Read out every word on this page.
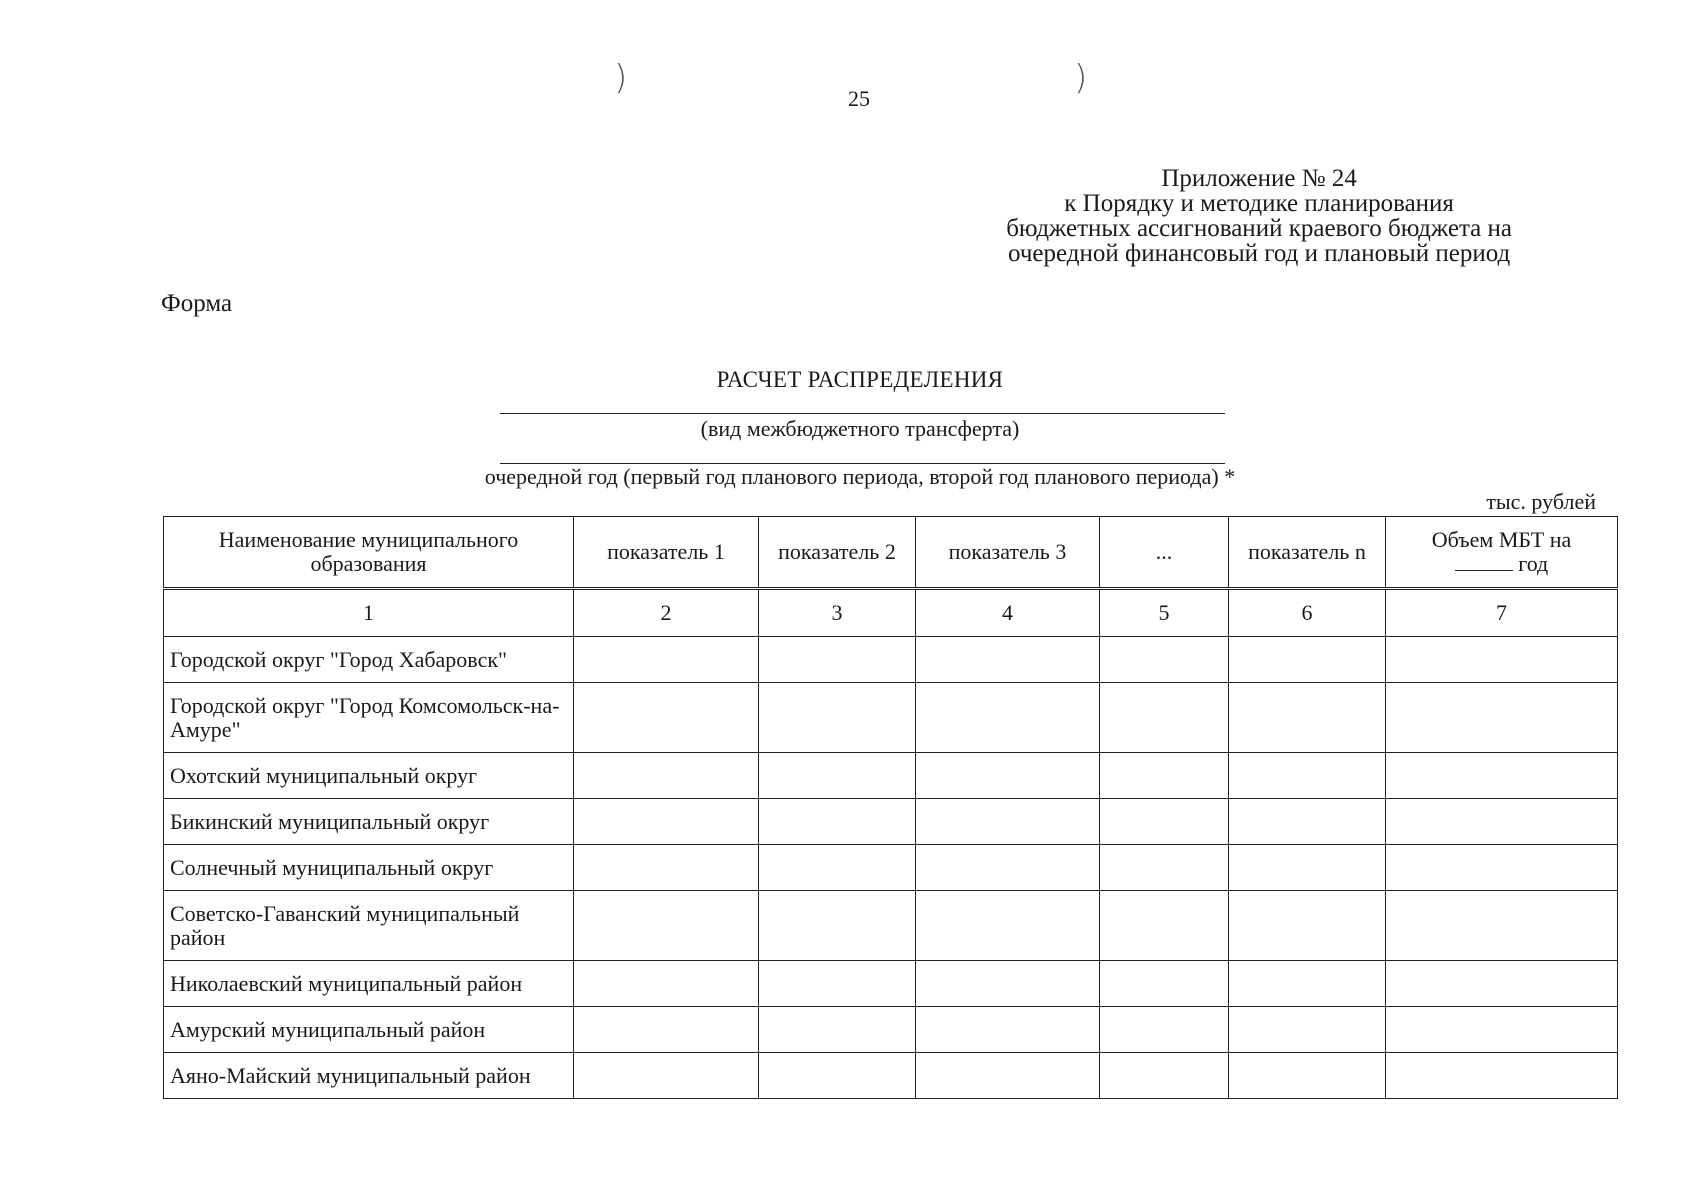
)	)
25
Приложение № 24
к Порядку и методике планирования
бюджетных ассигнований краевого бюджета на
очередной финансовый год и плановый период
Форма
РАСЧЕТ РАСПРЕДЕЛЕНИЯ
(вид межбюджетного трансферта)
очередной год (первый год планового периода, второй год планового периода) *
тыс. рублей
Наименование муниципального образования	показатель 1	показатель 2	показатель 3	...	показатель n	Объем МБТ на
год
1	2	3	4	5	6	7
Городской округ "Город Хабаровск"						
Городской округ "Город Комсомольск-на-Амуре"						
Охотский муниципальный округ						
Бикинский муниципальный округ						
Солнечный муниципальный округ						
Советско-Гаванский муниципальный район						
Николаевский муниципальный район						
Амурский муниципальный район						
Аяно-Майский муниципальный район						
